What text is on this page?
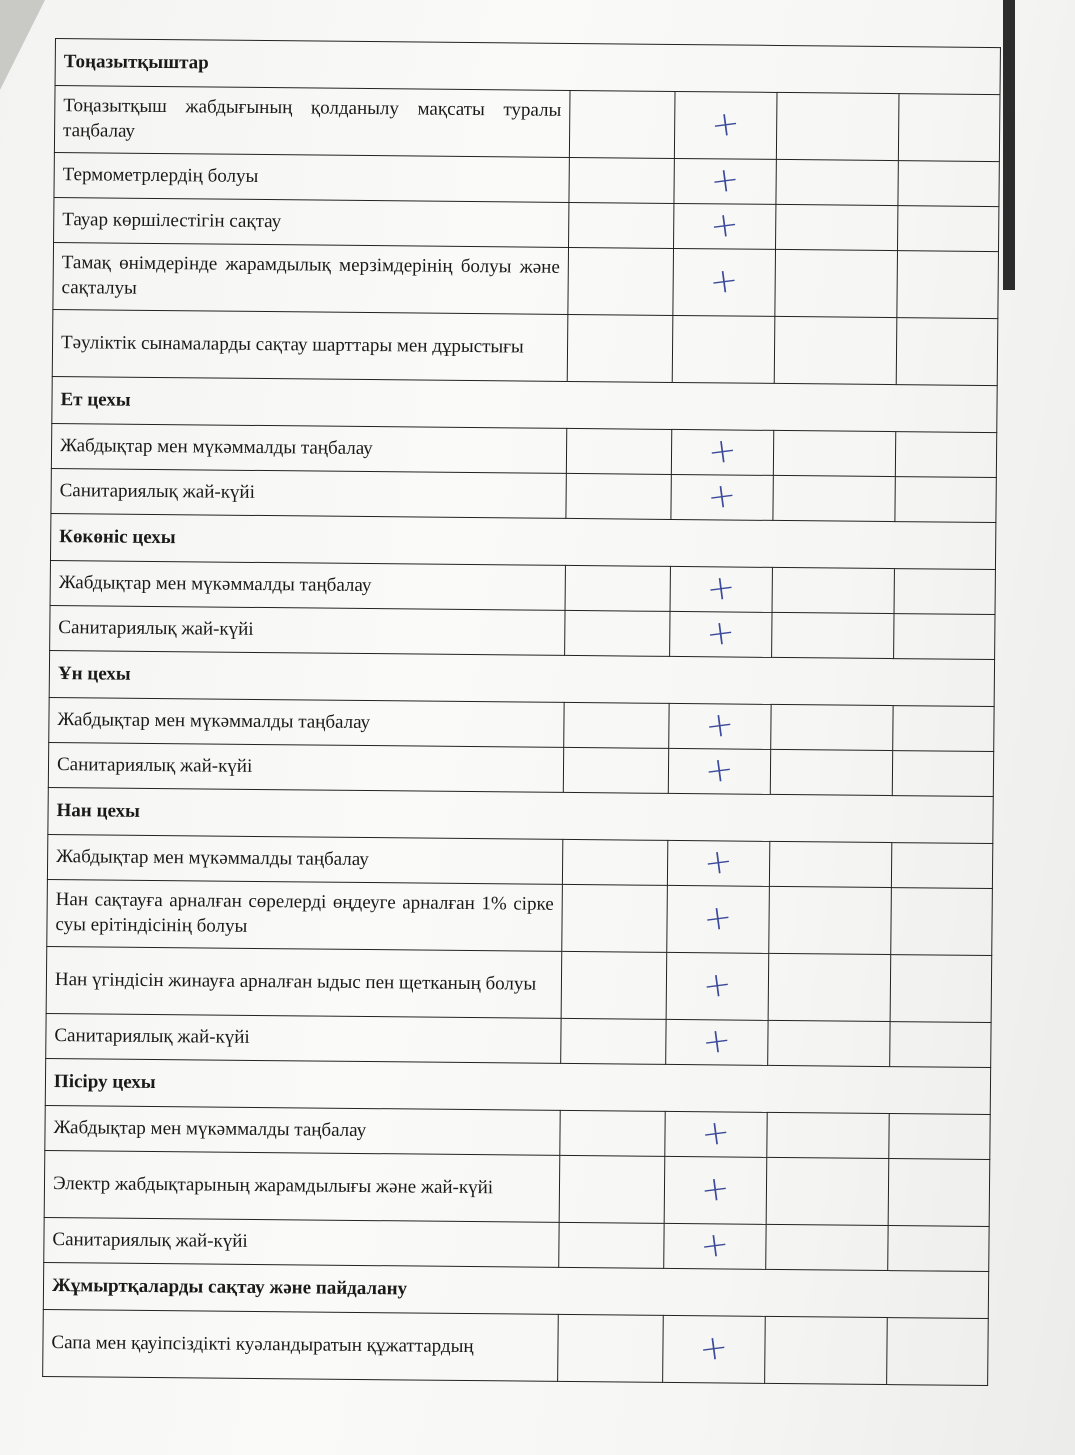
Тоңазытқыштар				
Тоңазытқыш жабдығының қолданылу мақсаты туралы таңбалау		+		
Термометрлердің болуы		+		
Тауар көршілестігін сақтау		+		
Тамақ өнімдерінде жарамдылық мерзімдерінің болуы және сақталуы		+		
Тәуліктік сынамаларды сақтау шарттары мен дұрыстығы				
Ет цехы				
Жабдықтар мен мүкәммалды таңбалау		+		
Санитариялық жай-күйі		+		
Көкөніс цехы				
Жабдықтар мен мүкәммалды таңбалау		+		
Санитариялық жай-күйі		+		
Ұн цехы				
Жабдықтар мен мүкәммалды таңбалау		+		
Санитариялық жай-күйі		+		
Нан цехы				
Жабдықтар мен мүкәммалды таңбалау		+		
Нан сақтауға арналған сөрелерді өңдеуге арналған 1% сірке суы ерітіндісінің болуы		+		
Нан үгіндісін жинауға арналған ыдыс пен щетканың болуы		+		
Санитариялық жай-күйі		+		
Пісіру цехы				
Жабдықтар мен мүкәммалды таңбалау		+		
Электр жабдықтарының жарамдылығы және жай-күйі		+		
Санитариялық жай-күйі		+		
Жұмыртқаларды сақтау және пайдалану				
Сапа мен қауіпсіздікті куәландыратын құжаттардың		+		
